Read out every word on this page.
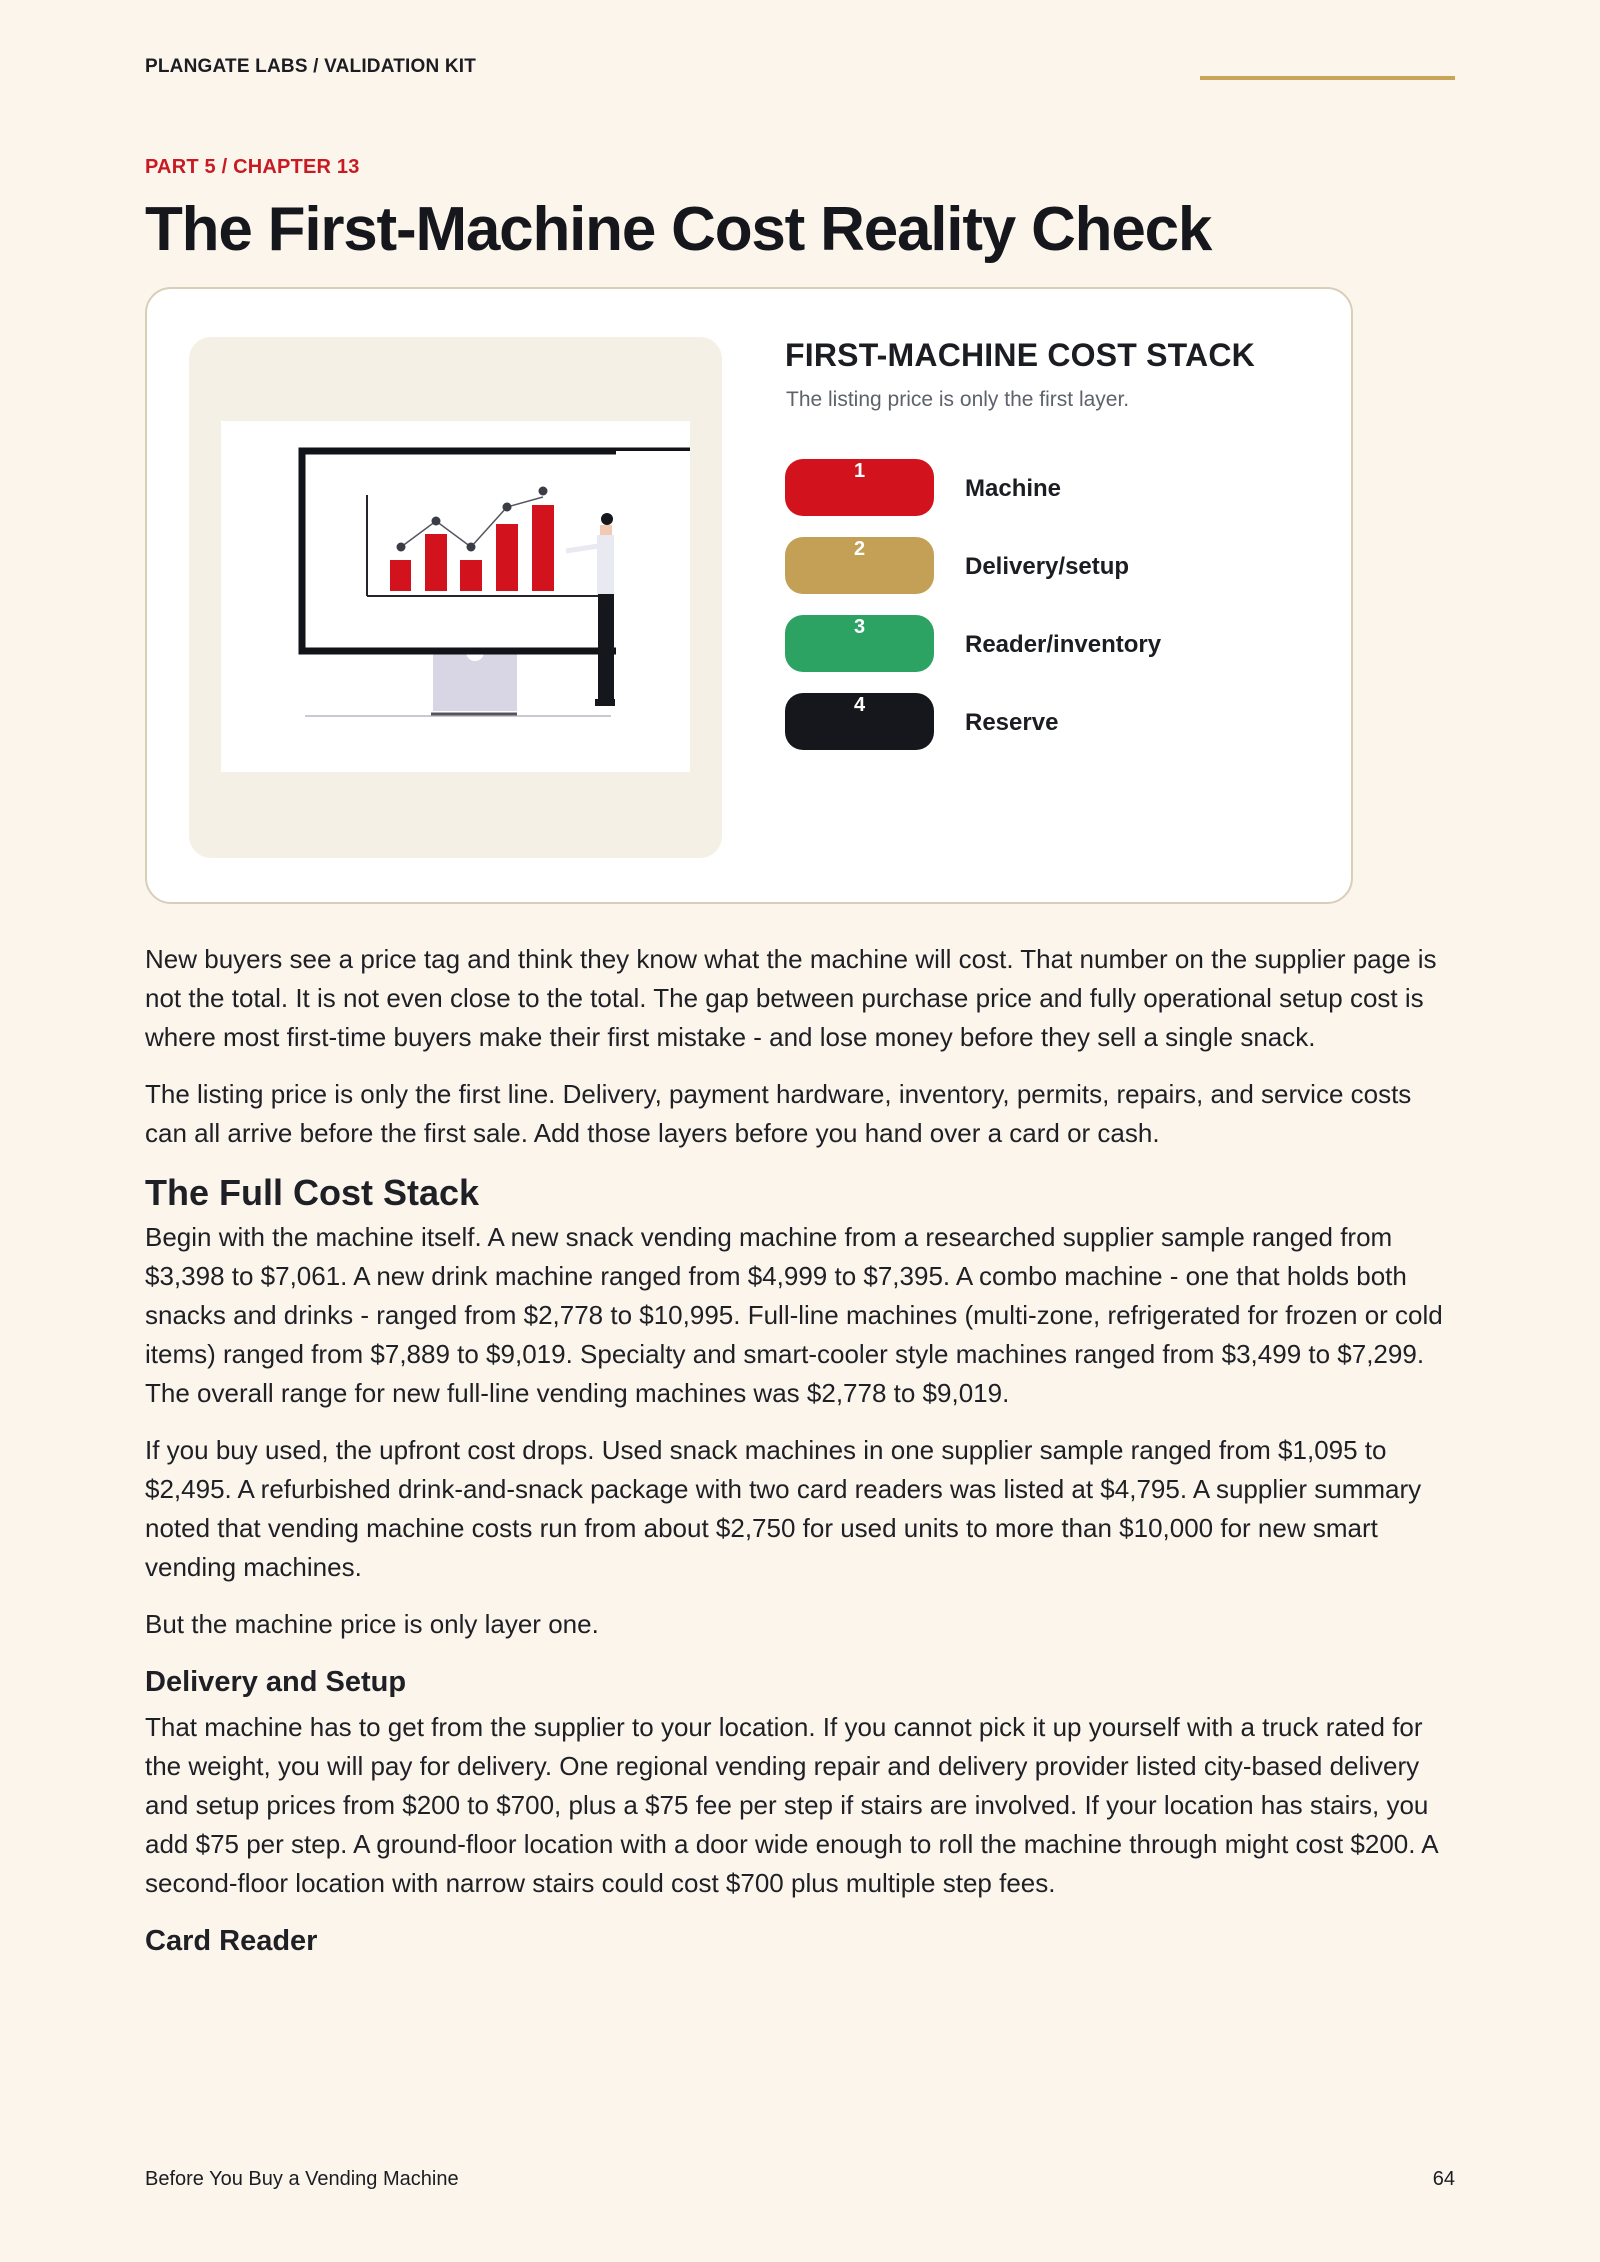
PLANGATE LABS / VALIDATION KIT
PART 5 / CHAPTER 13
The First-Machine Cost Reality Check
FIRST-MACHINE COST STACK
The listing price is only the first layer.
1
Machine
2
Delivery/setup
3
Reader/inventory
4
Reserve

New buyers see a price tag and think they know what the machine will cost. That number on the supplier page is not the total. It is not even close to the total. The gap between purchase price and fully operational setup cost is where most first-time buyers make their first mistake - and lose money before they sell a single snack.

The listing price is only the first line. Delivery, payment hardware, inventory, permits, repairs, and service costs can all arrive before the first sale. Add those layers before you hand over a card or cash.

The Full Cost Stack

Begin with the machine itself. A new snack vending machine from a researched supplier sample ranged from $3,398 to $7,061. A new drink machine ranged from $4,999 to $7,395. A combo machine - one that holds both snacks and drinks - ranged from $2,778 to $10,995. Full-line machines (multi-zone, refrigerated for frozen or cold items) ranged from $7,889 to $9,019. Specialty and smart-cooler style machines ranged from $3,499 to $7,299. The overall range for new full-line vending machines was $2,778 to $9,019.

If you buy used, the upfront cost drops. Used snack machines in one supplier sample ranged from $1,095 to $2,495. A refurbished drink-and-snack package with two card readers was listed at $4,795. A supplier summary noted that vending machine costs run from about $2,750 for used units to more than $10,000 for new smart vending machines.

But the machine price is only layer one.

Delivery and Setup

That machine has to get from the supplier to your location. If you cannot pick it up yourself with a truck rated for the weight, you will pay for delivery. One regional vending repair and delivery provider listed city-based delivery and setup prices from $200 to $700, plus a $75 fee per step if stairs are involved. If your location has stairs, you add $75 per step. A ground-floor location with a door wide enough to roll the machine through might cost $200. A second-floor location with narrow stairs could cost $700 plus multiple step fees.

Card Reader
Before You Buy a Vending Machine	64
